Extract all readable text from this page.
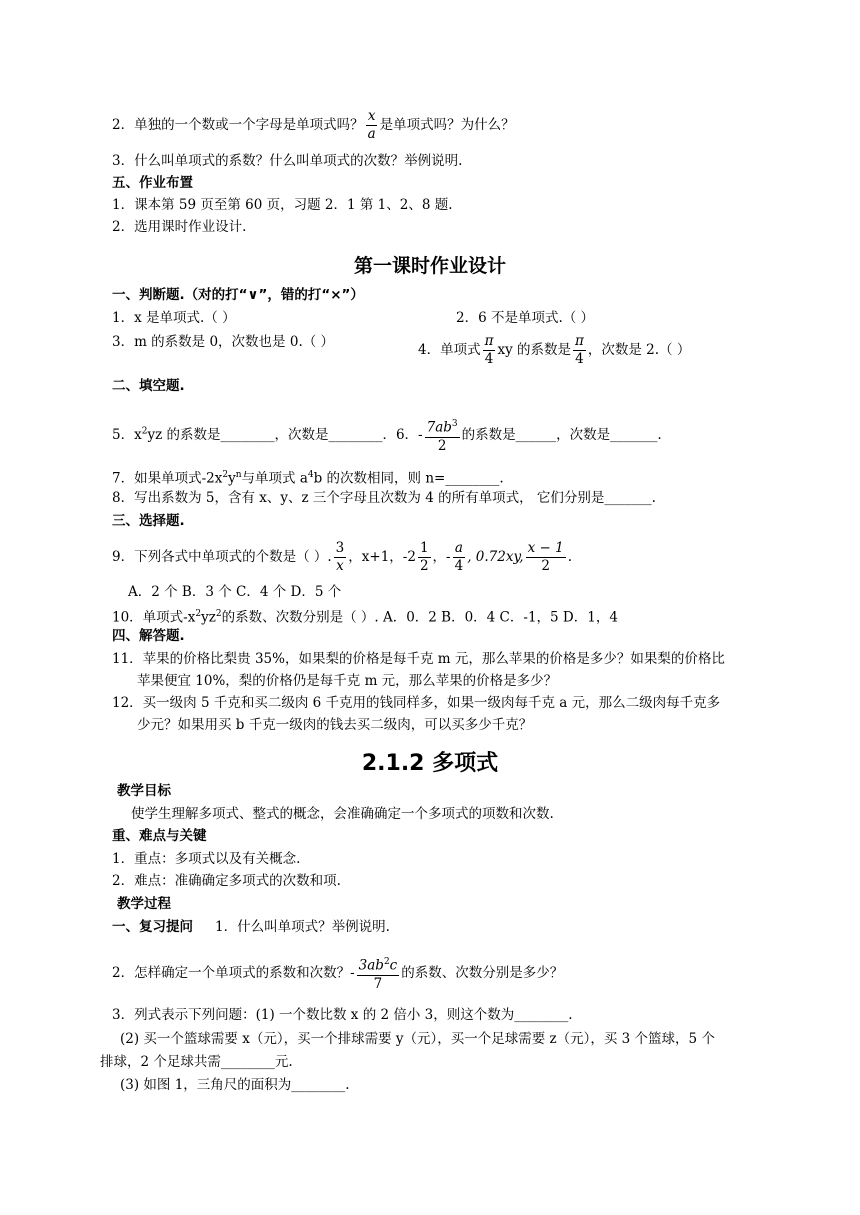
2．单独的一个数或一个字母是单项式吗？ $\frac{x}{a}$ 是单项式吗？为什么？
3．什么叫单项式的系数？什么叫单项式的次数？举例说明.
五、作业布置
1．课本第 59 页至第 60 页，习题 2．1 第 1、2、8 题.
2．选用课时作业设计.
第一课时作业设计
一、判断题.（对的打“∨”，错的打“×”）
1．x 是单项式.（ ）	2．6 不是单项式.（ ）
3．m 的系数是 0，次数也是 0.（ ）	4．单项式 $\frac{\pi}{4}$ xy 的系数是 $\frac{\pi}{4}$ ，次数是 2.（ ）
二、填空题.
5．$x^2yz$ 的系数是________，次数是________．6．- $\frac{7ab^3}{2}$ 的系数是______，次数是_______.
7．如果单项式$-2x^2y^n$与单项式 $a^4b$ 的次数相同，则 n=________.
8．写出系数为 5，含有 x、y、z 三个字母且次数为 4 的所有单项式， 它们分别是_______.
三、选择题.
9．下列各式中单项式的个数是（ ）. $\frac{3}{x}$ ，x+1，$-2 \frac{1}{2}$ ，- $\frac{a}{4}$ , 0.72xy, $\frac{x - 1}{2}$ .
A．2 个 B．3 个 C．4 个 D．5 个
10．单项式$-x^2yz^2$的系数、次数分别是（ ）. A．0．2 B．0．4 C．-1，5 D．1，4
四、解答题.
11．苹果的价格比梨贵 35%，如果梨的价格是每千克 m 元，那么苹果的价格是多少？如果梨的价格比
苹果便宜 10%，梨的价格仍是每千克 m 元，那么苹果的价格是多少？
12．买一级肉 5 千克和买二级肉 6 千克用的钱同样多，如果一级肉每千克 a 元，那么二级肉每千克多
少元？如果用买 b 千克一级肉的钱去买二级肉，可以买多少千克？
2.1.2 多项式
教学目标
使学生理解多项式、整式的概念，会准确确定一个多项式的项数和次数.
重、难点与关键
1．重点：多项式以及有关概念.
2．难点：准确确定多项式的次数和项.
教学过程
一、复习提问 1．什么叫单项式？举例说明.
2．怎样确定一个单项式的系数和次数？- $\frac{3ab^2c}{7}$ 的系数、次数分别是多少？
3．列式表示下列问题：(1) 一个数比数 x 的 2 倍小 3，则这个数为________.
(2) 买一个篮球需要 x（元），买一个排球需要 y（元），买一个足球需要 z（元），买 3 个篮球，5 个
排球，2 个足球共需________元.
(3) 如图 1，三角尺的面积为________.
